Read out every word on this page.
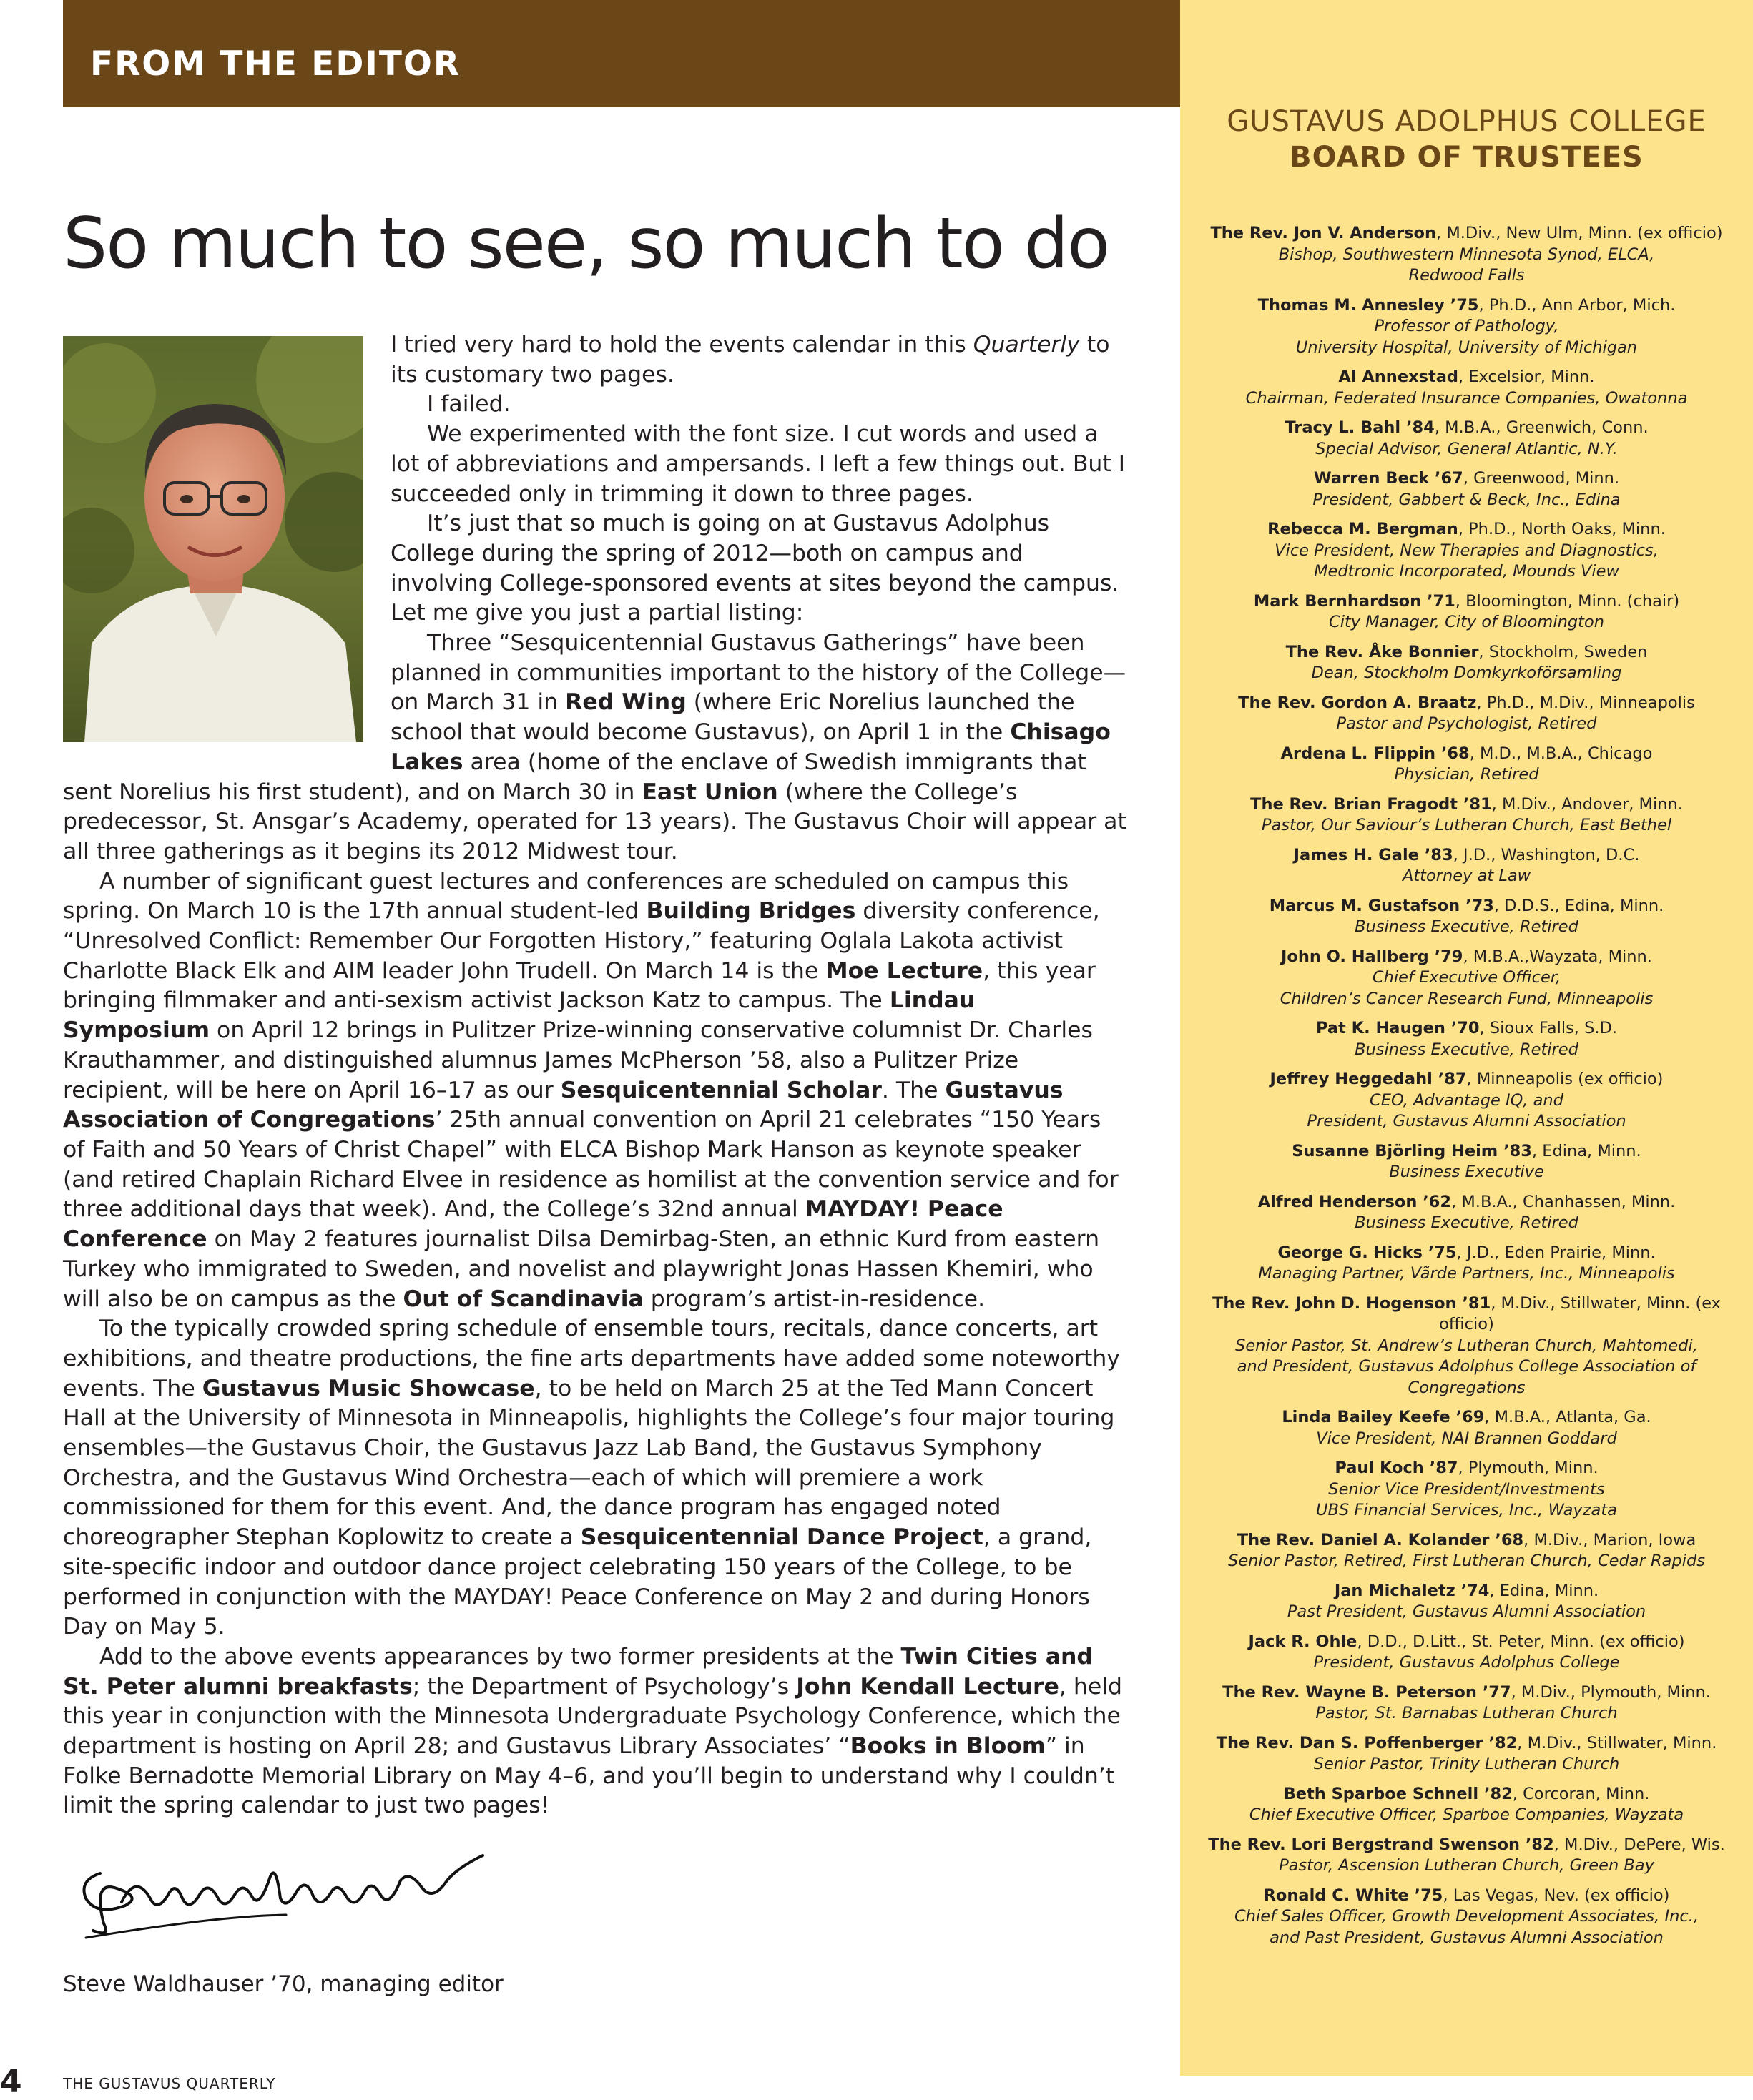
FROM THE EDITOR
So much to see, so much to do

I tried very hard to hold the events calendar in this Quarterly to its customary two pages.

I failed.

We experimented with the font size. I cut words and used a lot of abbreviations and ampersands. I left a few things out. But I succeeded only in trimming it down to three pages.

It’s just that so much is going on at Gustavus Adolphus College during the spring of 2012—both on campus and involving College-sponsored events at sites beyond the campus. Let me give you just a partial listing:

Three “Sesquicentennial Gustavus Gatherings” have been planned in communities important to the history of the College—on March 31 in Red Wing (where Eric Norelius launched the school that would become Gustavus), on April 1 in the Chisago Lakes area (home of the enclave of Swedish immigrants that sent Norelius his first student), and on March 30 in East Union (where the College’s predecessor, St. Ansgar’s Academy, operated for 13 years). The Gustavus Choir will appear at all three gatherings as it begins its 2012 Midwest tour.

A number of significant guest lectures and conferences are scheduled on campus this spring. On March 10 is the 17th annual student-led Building Bridges diversity conference, “Unresolved Conflict: Remember Our Forgotten History,” featuring Oglala Lakota activist Charlotte Black Elk and AIM leader John Trudell. On March 14 is the Moe Lecture, this year bringing filmmaker and anti-sexism activist Jackson Katz to campus. The Lindau Symposium on April 12 brings in Pulitzer Prize-winning conservative columnist Dr. Charles Krauthammer, and distinguished alumnus James McPherson ’58, also a Pulitzer Prize recipient, will be here on April 16–17 as our Sesquicentennial Scholar. The Gustavus Association of Congregations’ 25th annual convention on April 21 celebrates “150 Years of Faith and 50 Years of Christ Chapel” with ELCA Bishop Mark Hanson as keynote speaker (and retired Chaplain Richard Elvee in residence as homilist at the convention service and for three additional days that week). And, the College’s 32nd annual MAYDAY! Peace Conference on May 2 features journalist Dilsa Demirbag-Sten, an ethnic Kurd from eastern Turkey who immigrated to Sweden, and novelist and playwright Jonas Hassen Khemiri, who will also be on campus as the Out of Scandinavia program’s artist-in-residence.

To the typically crowded spring schedule of ensemble tours, recitals, dance concerts, art exhibitions, and theatre productions, the fine arts departments have added some noteworthy events. The Gustavus Music Showcase, to be held on March 25 at the Ted Mann Concert Hall at the University of Minnesota in Minneapolis, highlights the College’s four major touring ensembles—the Gustavus Choir, the Gustavus Jazz Lab Band, the Gustavus Symphony Orchestra, and the Gustavus Wind Orchestra—each of which will premiere a work commissioned for them for this event. And, the dance program has engaged noted choreographer Stephan Koplowitz to create a Sesquicentennial Dance Project, a grand, site-specific indoor and outdoor dance project celebrating 150 years of the College, to be performed in conjunction with the MAYDAY! Peace Conference on May 2 and during Honors Day on May 5.

Add to the above events appearances by two former presidents at the Twin Cities and St. Peter alumni breakfasts; the Department of Psychology’s John Kendall Lecture, held this year in conjunction with the Minnesota Undergraduate Psychology Conference, which the department is hosting on April 28; and Gustavus Library Associates’ “Books in Bloom” in Folke Bernadotte Memorial Library on May 4–6, and you’ll begin to understand why I couldn’t limit the spring calendar to just two pages!

Steve Waldhauser ’70, managing editor
GUSTAVUS ADOLPHUS COLLEGE
BOARD OF TRUSTEES
The Rev. Jon V. Anderson, M.Div., New Ulm, Minn. (ex officio)
Bishop, Southwestern Minnesota Synod, ELCA,
Redwood Falls
Thomas M. Annesley ’75, Ph.D., Ann Arbor, Mich.
Professor of Pathology,
University Hospital, University of Michigan
Al Annexstad, Excelsior, Minn.
Chairman, Federated Insurance Companies, Owatonna
Tracy L. Bahl ’84, M.B.A., Greenwich, Conn.
Special Advisor, General Atlantic, N.Y.
Warren Beck ’67, Greenwood, Minn.
President, Gabbert & Beck, Inc., Edina
Rebecca M. Bergman, Ph.D., North Oaks, Minn.
Vice President, New Therapies and Diagnostics,
Medtronic Incorporated, Mounds View
Mark Bernhardson ’71, Bloomington, Minn. (chair)
City Manager, City of Bloomington
The Rev. Åke Bonnier, Stockholm, Sweden
Dean, Stockholm Domkyrkoförsamling
The Rev. Gordon A. Braatz, Ph.D., M.Div., Minneapolis
Pastor and Psychologist, Retired
Ardena L. Flippin ’68, M.D., M.B.A., Chicago
Physician, Retired
The Rev. Brian Fragodt ’81, M.Div., Andover, Minn.
Pastor, Our Saviour’s Lutheran Church, East Bethel
James H. Gale ’83, J.D., Washington, D.C.
Attorney at Law
Marcus M. Gustafson ’73, D.D.S., Edina, Minn.
Business Executive, Retired
John O. Hallberg ’79, M.B.A.,Wayzata, Minn.
Chief Executive Officer,
Children’s Cancer Research Fund, Minneapolis
Pat K. Haugen ’70, Sioux Falls, S.D.
Business Executive, Retired
Jeffrey Heggedahl ’87, Minneapolis (ex officio)
CEO, Advantage IQ, and
President, Gustavus Alumni Association
Susanne Björling Heim ’83, Edina, Minn.
Business Executive
Alfred Henderson ’62, M.B.A., Chanhassen, Minn.
Business Executive, Retired
George G. Hicks ’75, J.D., Eden Prairie, Minn.
Managing Partner, Vãrde Partners, Inc., Minneapolis
The Rev. John D. Hogenson ’81, M.Div., Stillwater, Minn. (ex officio)
Senior Pastor, St. Andrew’s Lutheran Church, Mahtomedi,
and President, Gustavus Adolphus College Association of Congregations
Linda Bailey Keefe ’69, M.B.A., Atlanta, Ga.
Vice President, NAI Brannen Goddard
Paul Koch ’87, Plymouth, Minn.
Senior Vice President/Investments
UBS Financial Services, Inc., Wayzata
The Rev. Daniel A. Kolander ’68, M.Div., Marion, Iowa
Senior Pastor, Retired, First Lutheran Church, Cedar Rapids
Jan Michaletz ’74, Edina, Minn.
Past President, Gustavus Alumni Association
Jack R. Ohle, D.D., D.Litt., St. Peter, Minn. (ex officio)
President, Gustavus Adolphus College
The Rev. Wayne B. Peterson ’77, M.Div., Plymouth, Minn.
Pastor, St. Barnabas Lutheran Church
The Rev. Dan S. Poffenberger ’82, M.Div., Stillwater, Minn.
Senior Pastor, Trinity Lutheran Church
Beth Sparboe Schnell ’82, Corcoran, Minn.
Chief Executive Officer, Sparboe Companies, Wayzata
The Rev. Lori Bergstrand Swenson ’82, M.Div., DePere, Wis.
Pastor, Ascension Lutheran Church, Green Bay
Ronald C. White ’75, Las Vegas, Nev. (ex officio)
Chief Sales Officer, Growth Development Associates, Inc.,
and Past President, Gustavus Alumni Association
4	THE GUSTAVUS QUARTERLY
